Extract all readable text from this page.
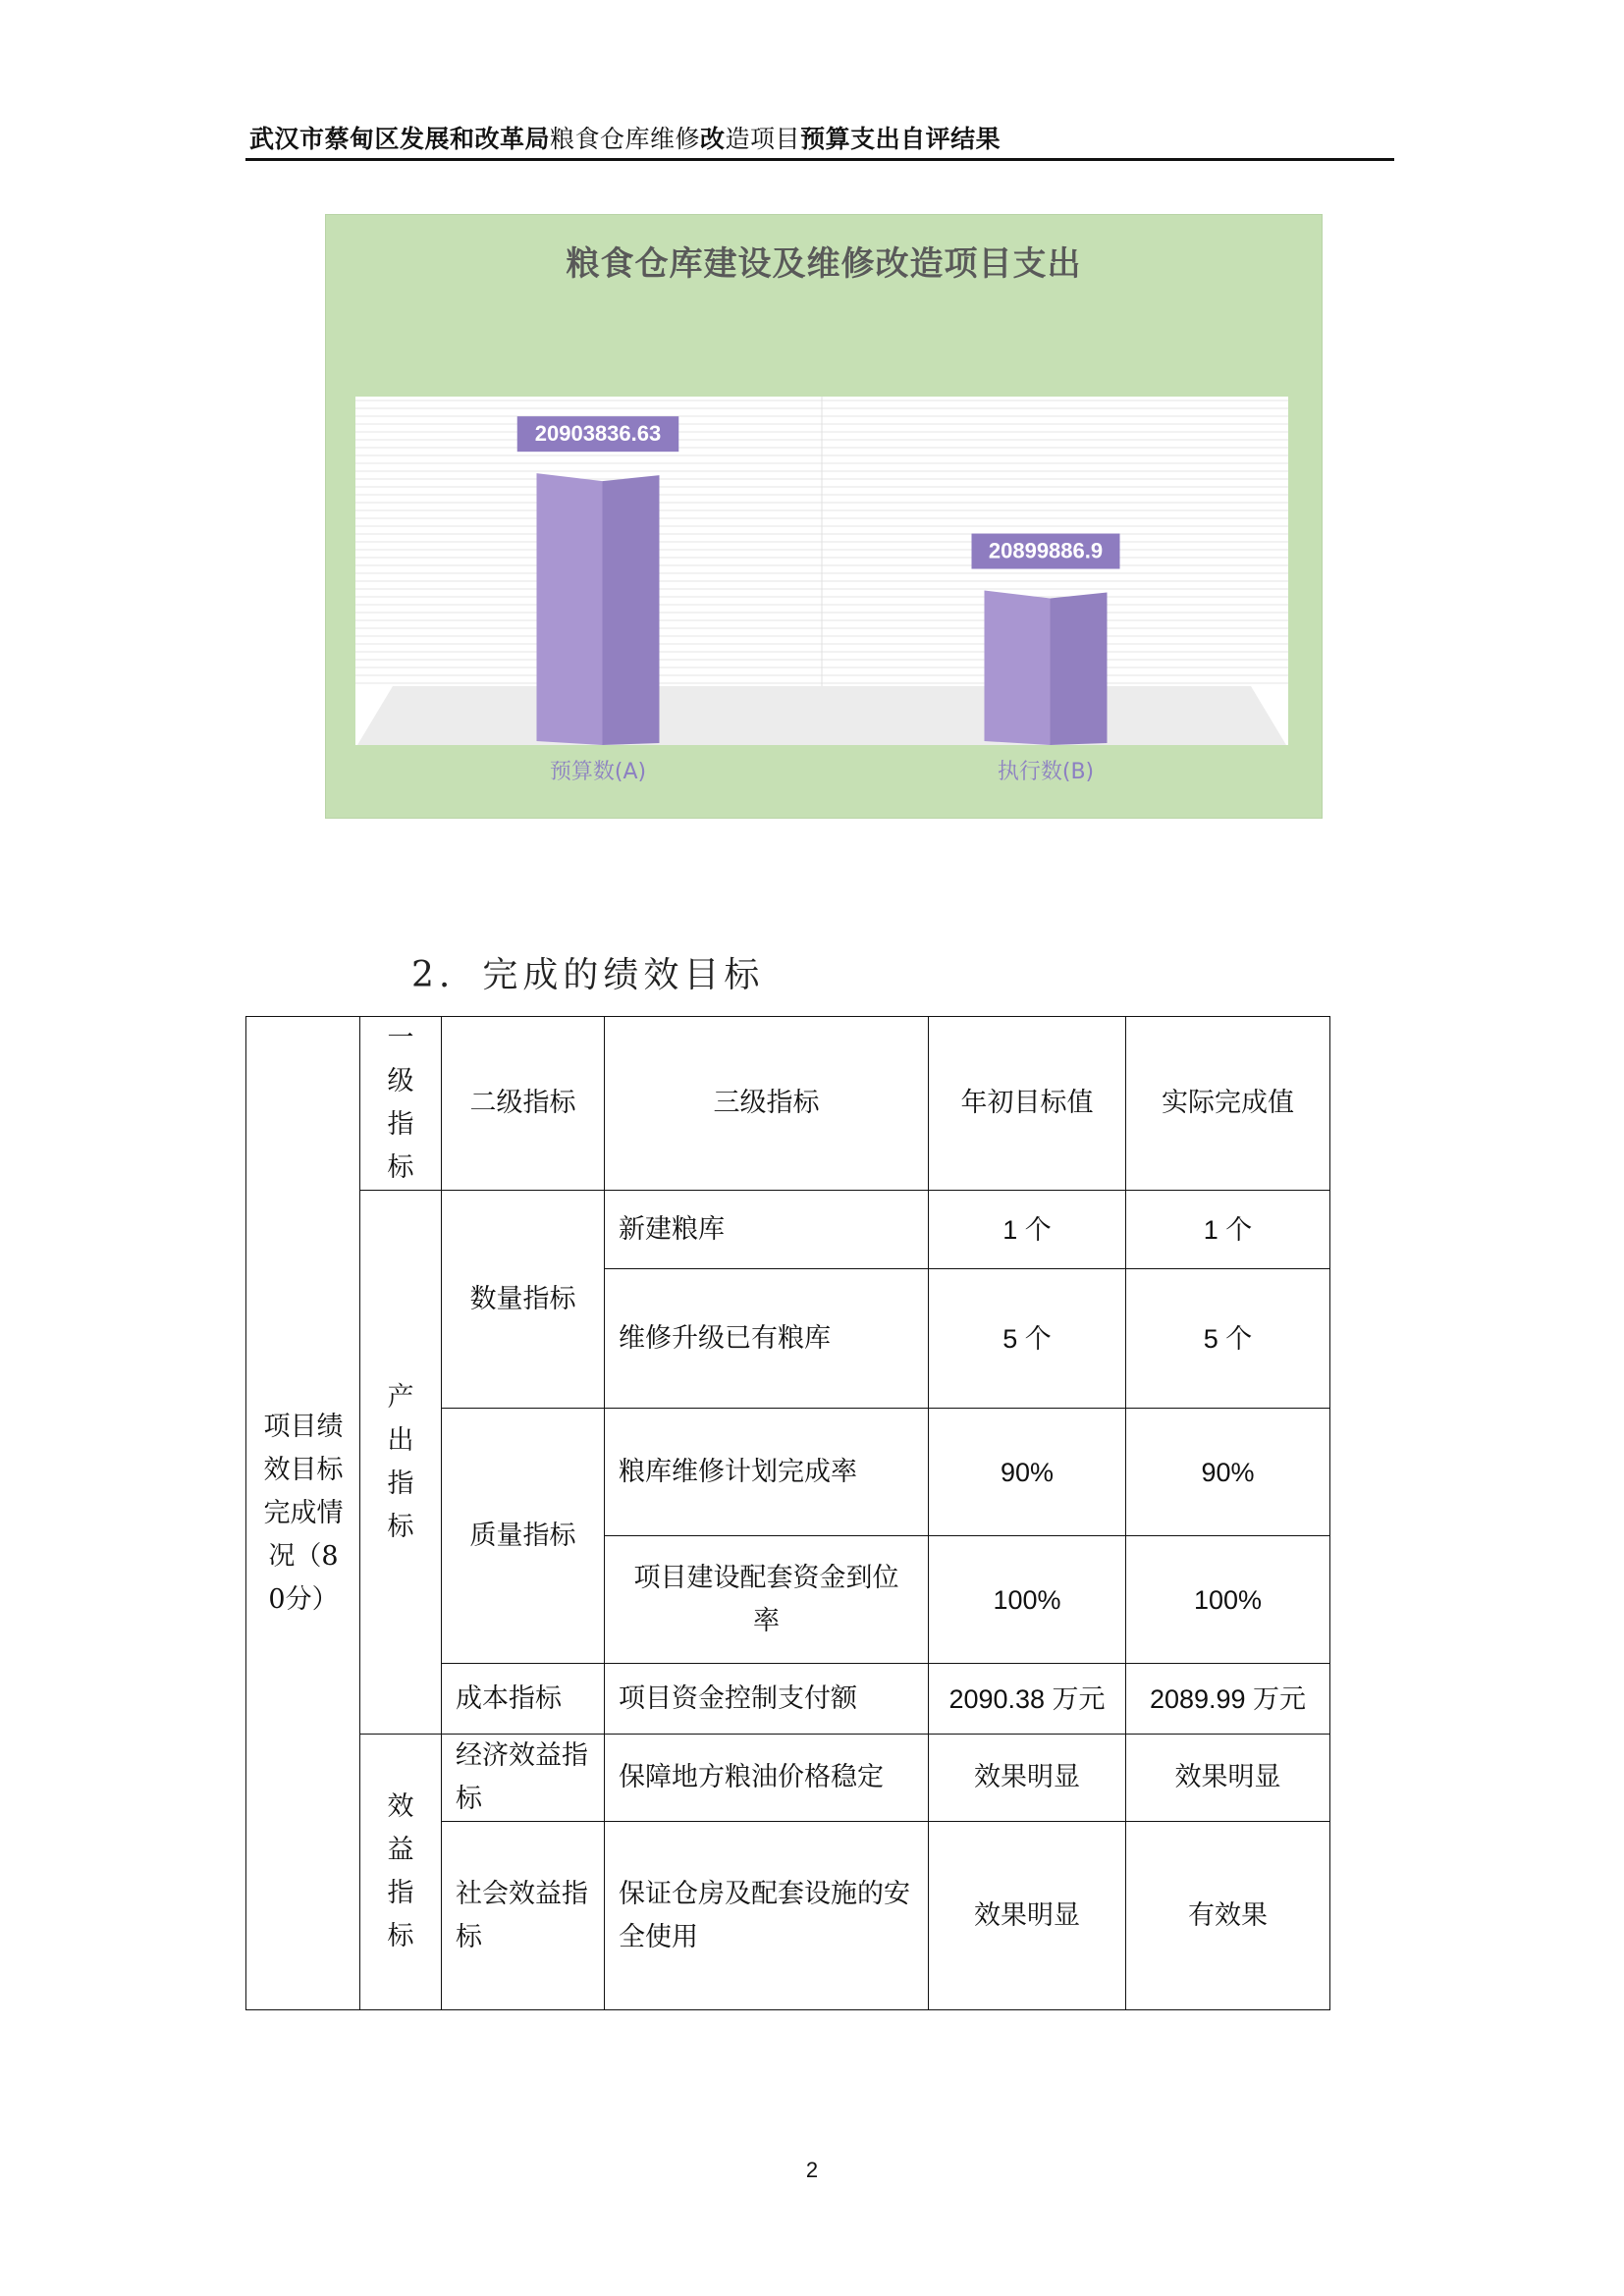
武汉市蔡甸区发展和改革局粮食仓库维修改造项目预算支出自评结果
粮食仓库建设及维修改造项目支出
20903836.63
预算数(A)
20899886.9
执行数(B)
2. 完成的绩效目标
项目绩效目标完成情况（80分）	一级指标	二级指标	三级指标	年初目标值	实际完成值

	产出指标	数量指标	新建粮库	1 个	1 个
			维修升级已有粮库	5 个	5 个
		质量指标	粮库维修计划完成率	90%	90%
			项目建设配套资金到位率	100%	100%
		成本指标	项目资金控制支付额	2090.38 万元	2089.99 万元

	效益指标	经济效益指标	保障地方粮油价格稳定	效果明显	效果明显
		社会效益指标	保证仓房及配套设施的安全使用	效果明显	有效果
2
